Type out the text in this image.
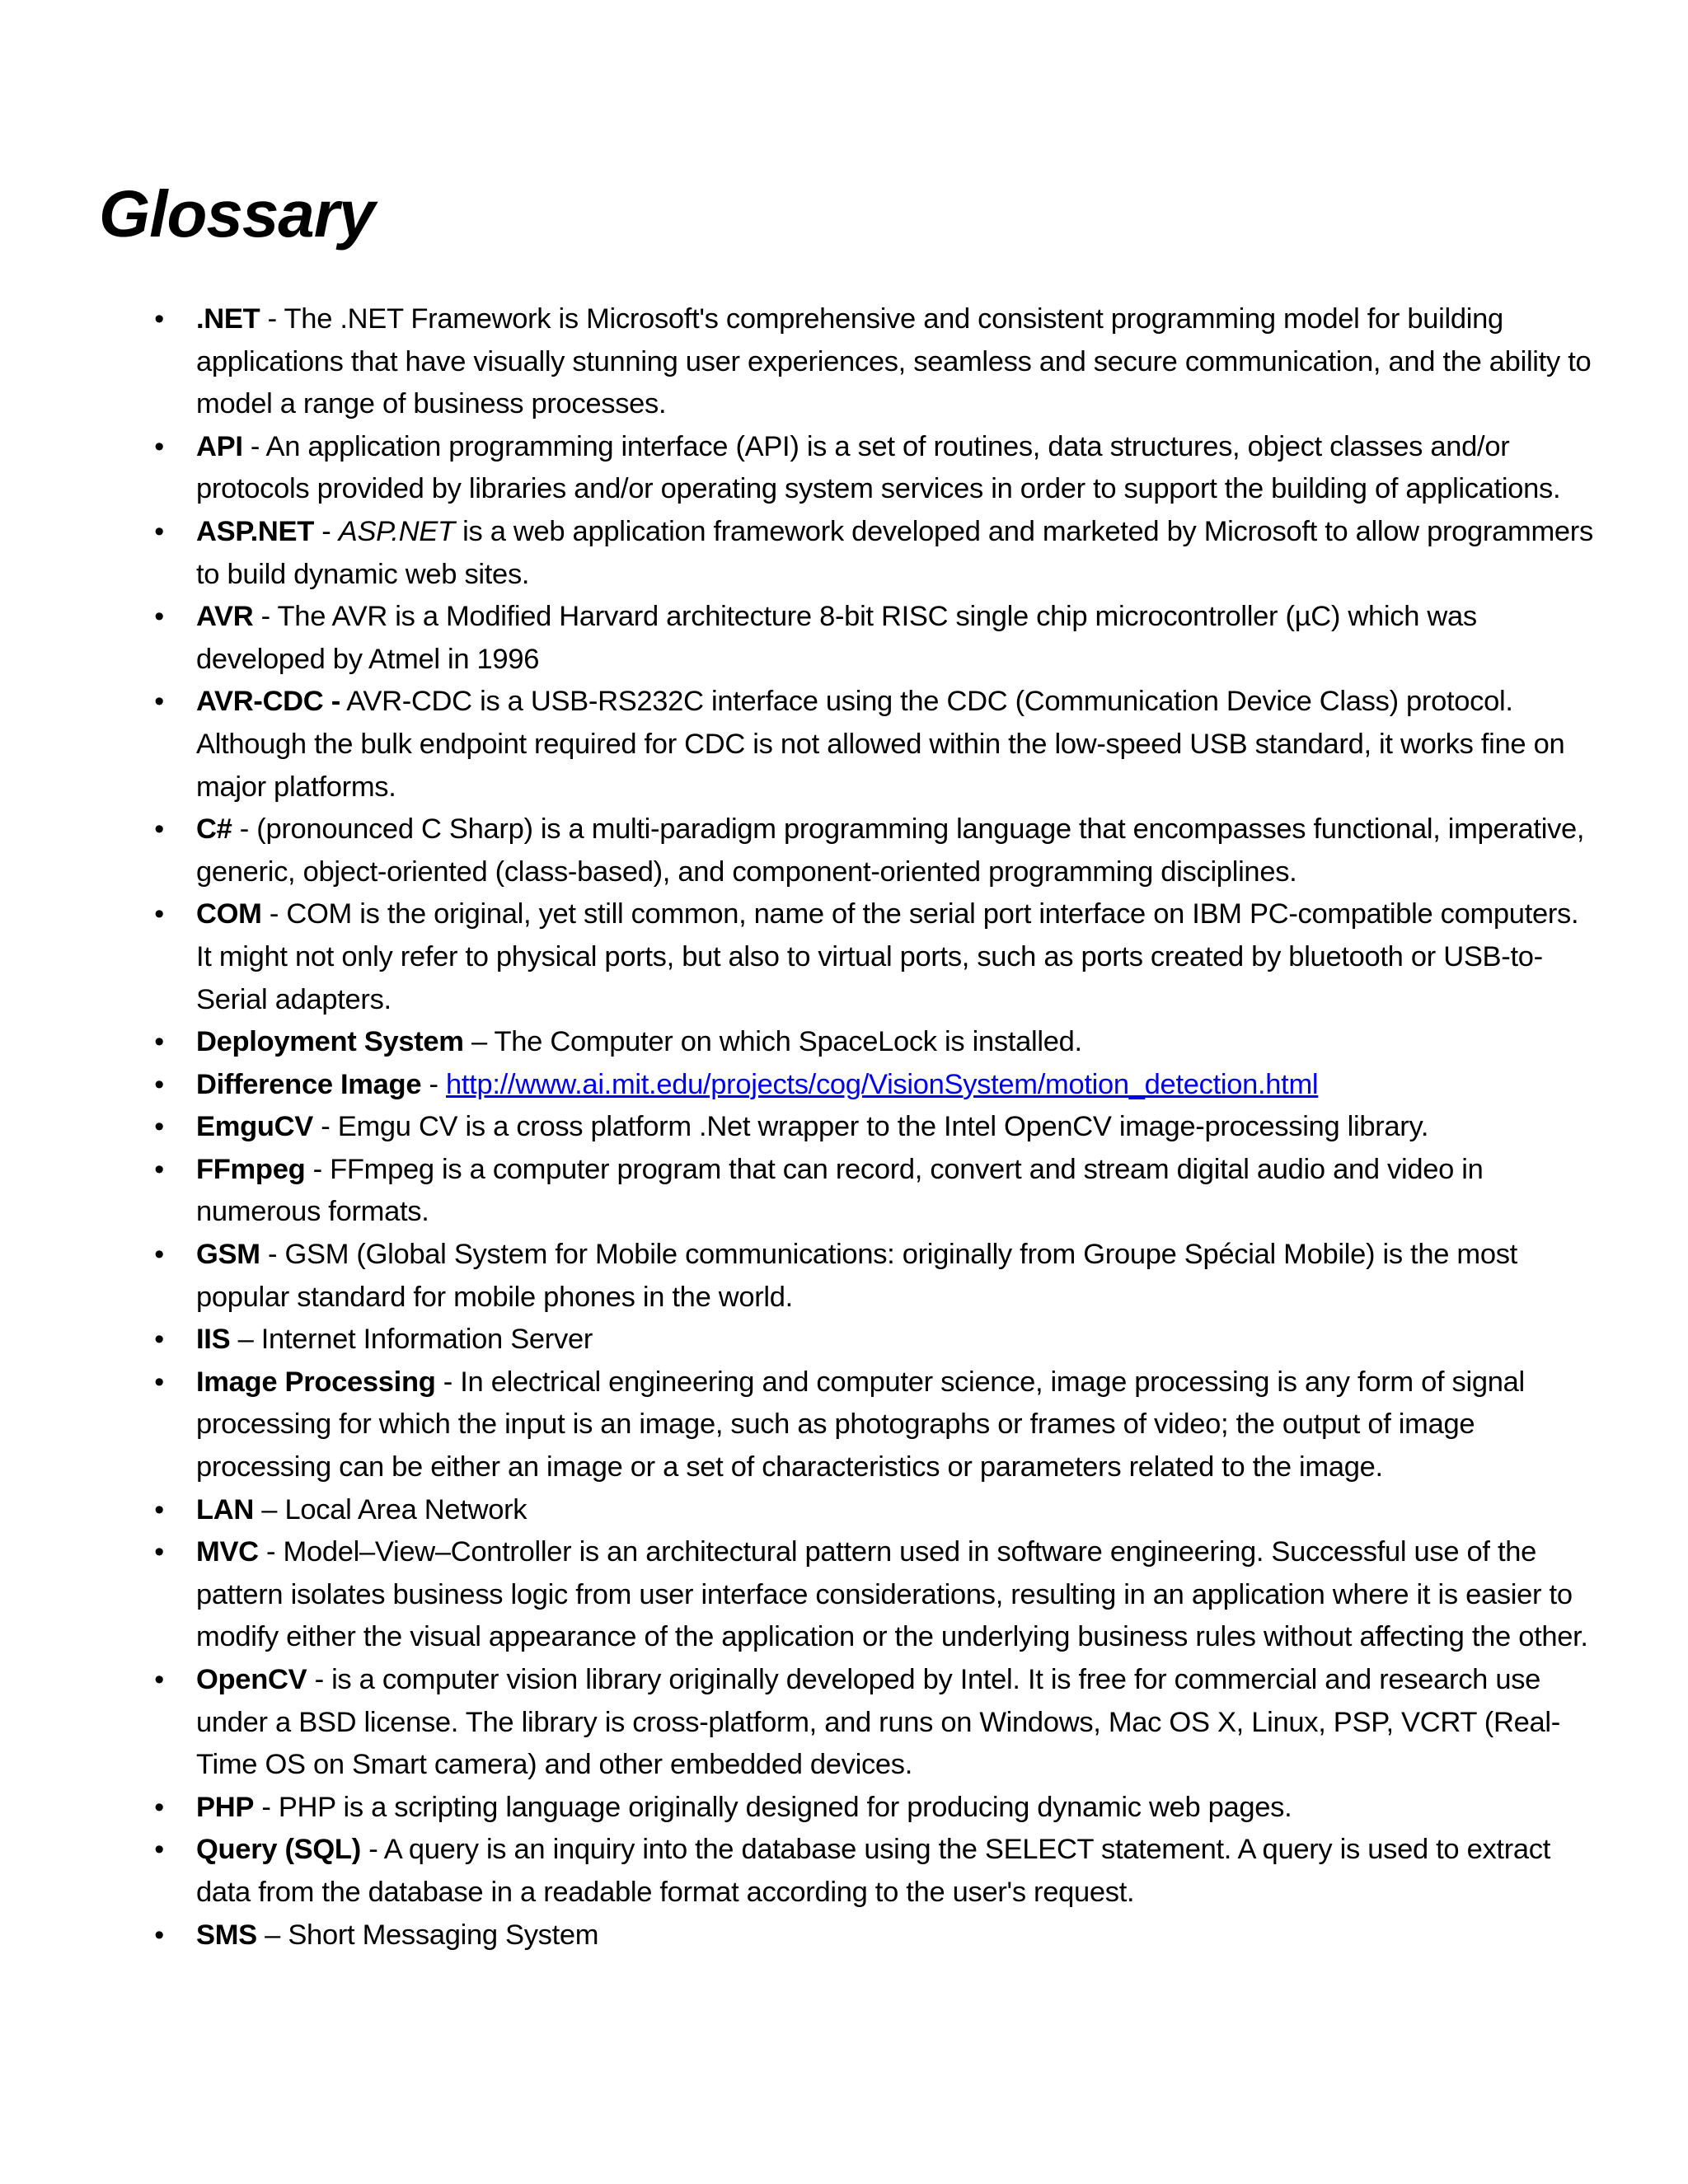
Glossary
• .NET - The .NET Framework is Microsoft's comprehensive and consistent programming model for building applications that have visually stunning user experiences, seamless and secure communication, and the ability to model a range of business processes.
• API - An application programming interface (API) is a set of routines, data structures, object classes and/or protocols provided by libraries and/or operating system services in order to support the building of applications.
• ASP.NET - ASP.NET is a web application framework developed and marketed by Microsoft to allow programmers to build dynamic web sites.
• AVR - The AVR is a Modified Harvard architecture 8-bit RISC single chip microcontroller (µC) which was developed by Atmel in 1996
• AVR-CDC - AVR-CDC is a USB-RS232C interface using the CDC (Communication Device Class) protocol. Although the bulk endpoint required for CDC is not allowed within the low-speed USB standard, it works fine on major platforms.
• C# - (pronounced C Sharp) is a multi-paradigm programming language that encompasses functional, imperative, generic, object-oriented (class-based), and component-oriented programming disciplines.
• COM - COM is the original, yet still common, name of the serial port interface on IBM PC-compatible computers. It might not only refer to physical ports, but also to virtual ports, such as ports created by bluetooth or USB-to-Serial adapters.
• Deployment System – The Computer on which SpaceLock is installed.
• Difference Image - http://www.ai.mit.edu/projects/cog/VisionSystem/motion_detection.html
• EmguCV - Emgu CV is a cross platform .Net wrapper to the Intel OpenCV image-processing library.
• FFmpeg - FFmpeg is a computer program that can record, convert and stream digital audio and video in numerous formats.
• GSM - GSM (Global System for Mobile communications: originally from Groupe Spécial Mobile) is the most popular standard for mobile phones in the world.
• IIS – Internet Information Server
• Image Processing - In electrical engineering and computer science, image processing is any form of signal processing for which the input is an image, such as photographs or frames of video; the output of image processing can be either an image or a set of characteristics or parameters related to the image.
• LAN – Local Area Network
• MVC - Model–View–Controller is an architectural pattern used in software engineering. Successful use of the pattern isolates business logic from user interface considerations, resulting in an application where it is easier to modify either the visual appearance of the application or the underlying business rules without affecting the other.
• OpenCV - is a computer vision library originally developed by Intel. It is free for commercial and research use under a BSD license. The library is cross-platform, and runs on Windows, Mac OS X, Linux, PSP, VCRT (Real-Time OS on Smart camera) and other embedded devices.
• PHP - PHP is a scripting language originally designed for producing dynamic web pages.
• Query (SQL) - A query is an inquiry into the database using the SELECT statement. A query is used to extract data from the database in a readable format according to the user's request.
• SMS – Short Messaging System
